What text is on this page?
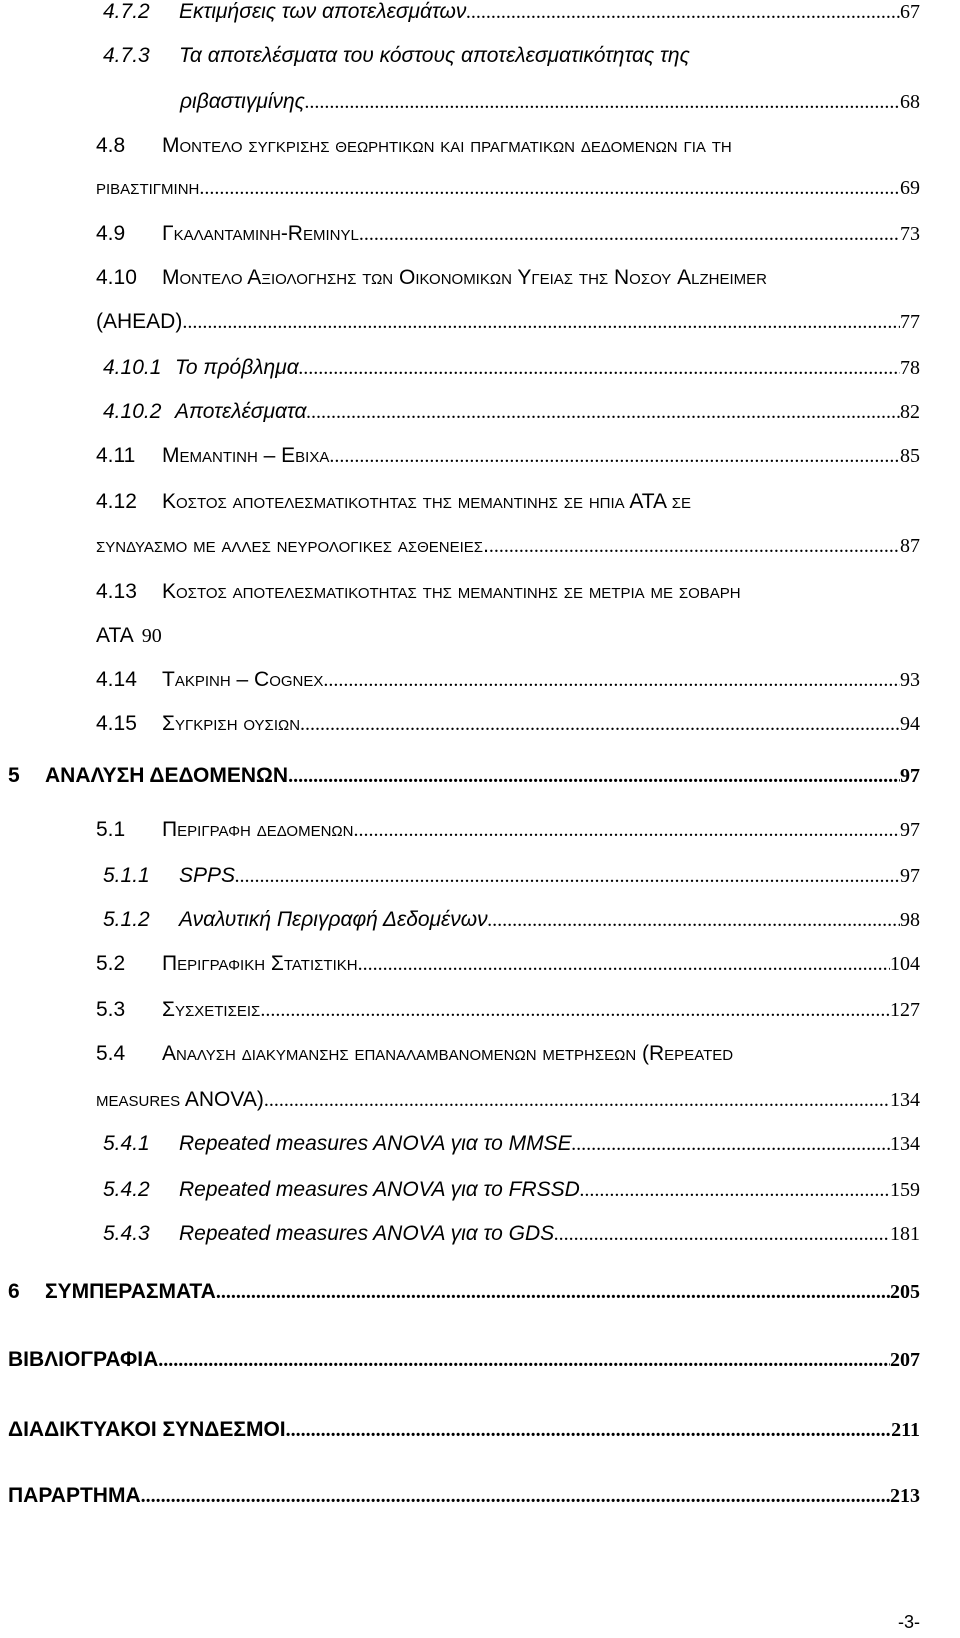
4.7.2	Εκτιμήσεις των αποτελεσμάτων .....	67
4.7.3	Τα αποτελέσματα του κόστους αποτελεσματικότητας της
ριβαστιγμίνης .....	68
4.8	Μοντελο συγκρισης θεωρητικων και πραγματικων δεδομενων για τη
ριβαστιγμινη .....	69
4.9	Γκαλανταμινη-Reminyl .....	73
4.10	Μοντελο Αξιολογησης των Οικονομικων Υγειας της Νοσου Alzheimer
(AHEAD) .....	77
4.10.1 Το πρόβλημα .....	78
4.10.2 Αποτελέσματα .....	82
4.11	Μεμαντινη – Εbixa .....	85
4.12	Κοστος αποτελεσματικοτητας της μεμαντινης σε ηπια ΑΤΑ σε
συνδυασμο με αλλες νευρολογικες ασθενειες. .....	87
4.13	Κοστος αποτελεσματικοτητας της μεμαντινης σε μετρια με σοβαρη
ΑΤΑ 90
4.14	Τακρινη – Cognex .....	93
4.15	Συγκριση ουσιων .....	94
5	ΑΝΑΛΥΣΗ ΔΕΔΟΜΕΝΩΝ .....	97
5.1	Περιγραφη δεδομενων .....	97
5.1.1	SPPS .....	97
5.1.2	Αναλυτική Περιγραφή Δεδομένων .....	98
5.2	Περιγραφικη Στατιστικη .....	104
5.3	Συσχετισεις .....	127
5.4	Αναλυση διακυμανσης επαναλαμβανομενων μετρησεων (Repeated
measures ANOVA) .....	134
5.4.1	Repeated measures ANOVA για το MMSE .....	134
5.4.2	Repeated measures ANOVA για το FRSSD .....	159
5.4.3	Repeated measures ANOVA για το GDS .....	181
6	ΣΥΜΠΕΡΑΣΜΑΤΑ .....	205
ΒΙΒΛΙΟΓΡΑΦΙΑ .....	207
ΔΙΑΔΙΚΤΥΑΚΟΙ ΣΥΝΔΕΣΜΟΙ .....	211
ΠΑΡΑΡΤΗΜΑ .....	213
-3-
